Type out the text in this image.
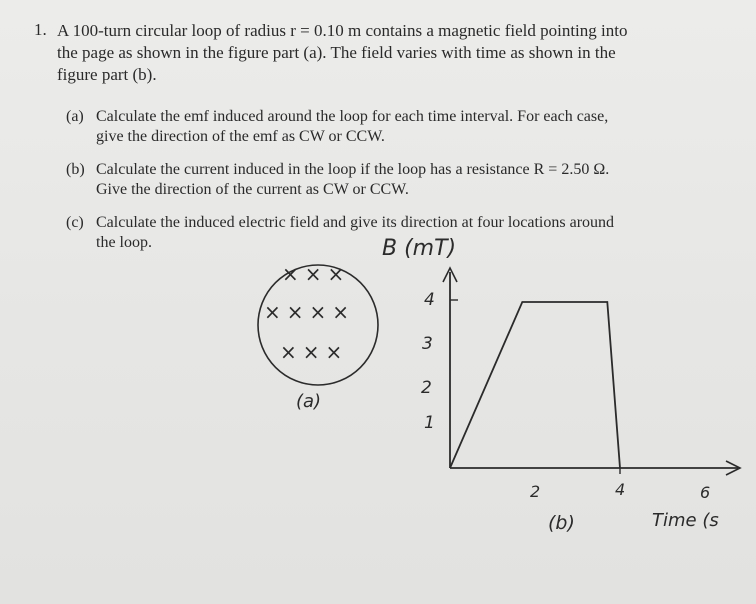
1. A 100-turn circular loop of radius r = 0.10 m contains a magnetic field pointing into
the page as shown in the figure part (a). The field varies with time as shown in the
figure part (b).
(a) Calculate the emf induced around the loop for each time interval. For each case,
give the direction of the emf as CW or CCW.
(b) Calculate the current induced in the loop if the loop has a resistance R = 2.50 Ω.
Give the direction of the current as CW or CCW.
(c) Calculate the induced electric field and give its direction at four locations around
the loop.
×××
××××
×××
(a)
B (mT)
4
3
2
1
2	4	6
(b)	Time (s
